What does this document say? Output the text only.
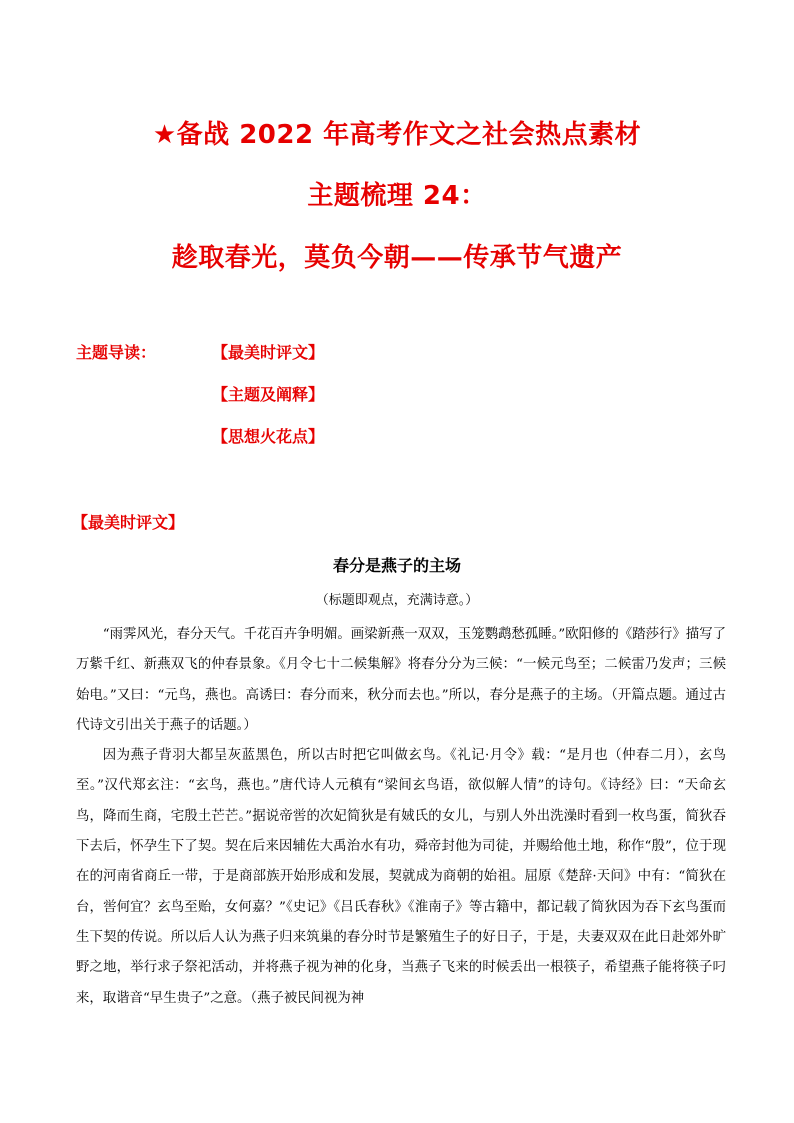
★备战 2022 年高考作文之社会热点素材
主题梳理 24：
趁取春光，莫负今朝——传承节气遗产
主题导读：	【最美时评文】
【主题及阐释】
【思想火花点】
【最美时评文】
春分是燕子的主场
（标题即观点，充满诗意。）

“雨霁风光，春分天气。千花百卉争明媚。画梁新燕一双双，玉笼鹦鹉愁孤睡。”欧阳修的《踏莎行》描写了万紫千红、新燕双飞的仲春景象。《月令七十二候集解》将春分分为三候：“一候元鸟至；二候雷乃发声；三候始电。”又曰：“元鸟，燕也。高诱曰：春分而来，秋分而去也。”所以，春分是燕子的主场。（开篇点题。通过古代诗文引出关于燕子的话题。）

因为燕子背羽大都呈灰蓝黑色，所以古时把它叫做玄鸟。《礼记·月令》载：“是月也（仲春二月），玄鸟至。”汉代郑玄注：“玄鸟，燕也。”唐代诗人元稹有“梁间玄鸟语，欲似解人情”的诗句。《诗经》曰：“天命玄鸟，降而生商，宅殷土芒芒。”据说帝喾的次妃简狄是有娀氏的女儿，与别人外出洗澡时看到一枚鸟蛋，简狄吞下去后，怀孕生下了契。契在后来因辅佐大禹治水有功，舜帝封他为司徒，并赐给他土地，称作“殷”，位于现在的河南省商丘一带，于是商部族开始形成和发展，契就成为商朝的始祖。屈原《楚辞·天问》中有：“简狄在台，喾何宜？玄鸟至贻，女何嘉？”《史记》《吕氏春秋》《淮南子》等古籍中，都记载了简狄因为吞下玄鸟蛋而生下契的传说。所以后人认为燕子归来筑巢的春分时节是繁殖生子的好日子，于是，夫妻双双在此日赴郊外旷野之地，举行求子祭祀活动，并将燕子视为神的化身，当燕子飞来的时候丢出一根筷子，希望燕子能将筷子叼来，取谐音“早生贵子”之意。（燕子被民间视为神
